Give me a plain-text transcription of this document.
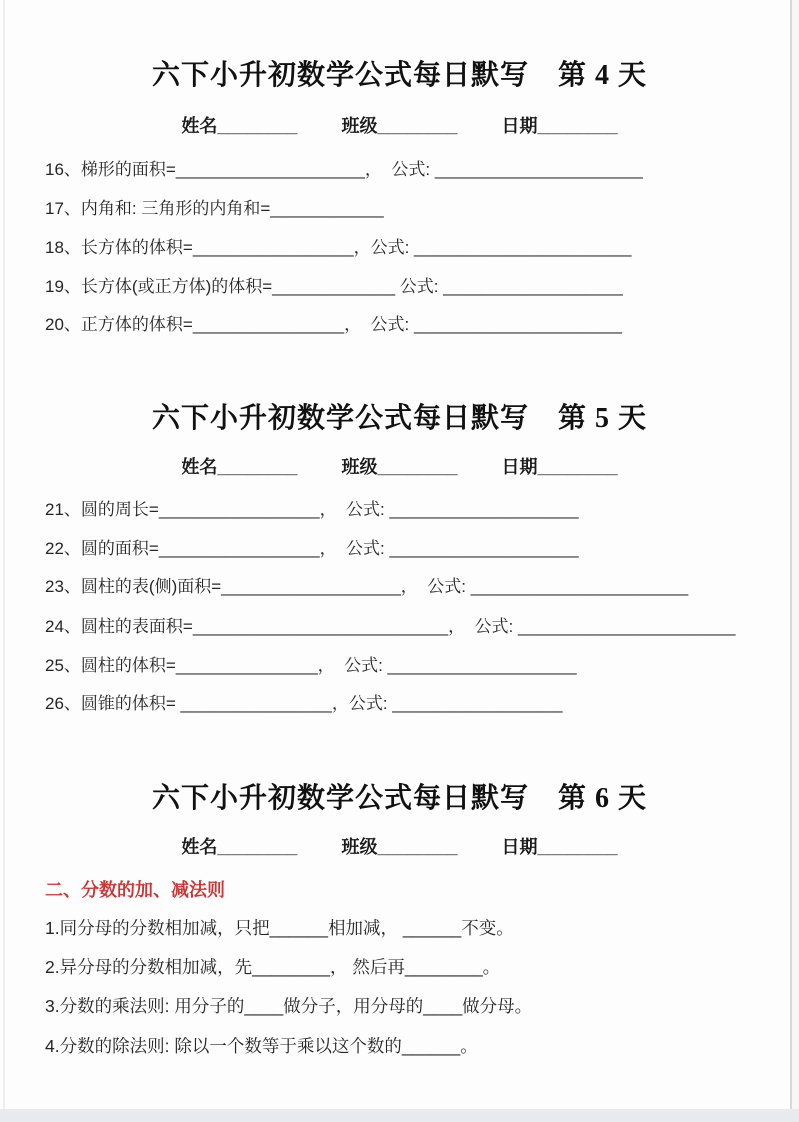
六下小升初数学公式每日默写　第 4 天
姓名________ 班级________ 日期________
16、梯形的面积=____________________，  公式: ______________________
17、内角和: 三角形的内角和=____________
18、长方体的体积=_________________，公式: _______________________
19、长方体(或正方体)的体积=_____________ 公式: ___________________
20、正方体的体积=________________，  公式: ______________________
六下小升初数学公式每日默写　第 5 天
姓名________ 班级________ 日期________
21、圆的周长=_________________，  公式: ____________________
22、圆的面积=_________________，  公式: ____________________
23、圆柱的表(侧)面积=___________________，  公式: _______________________
24、圆柱的表面积=___________________________，  公式: _______________________
25、圆柱的体积=_______________，  公式: ____________________
26、圆锥的体积= ________________，公式: __________________
六下小升初数学公式每日默写　第 6 天
姓名________ 班级________ 日期________
二、分数的加、减法则
1.同分母的分数相加减，只把______相加减， ______不变。
2.异分母的分数相加减，先________， 然后再________。
3.分数的乘法则: 用分子的____做分子，用分母的____做分母。
4.分数的除法则: 除以一个数等于乘以这个数的______。
